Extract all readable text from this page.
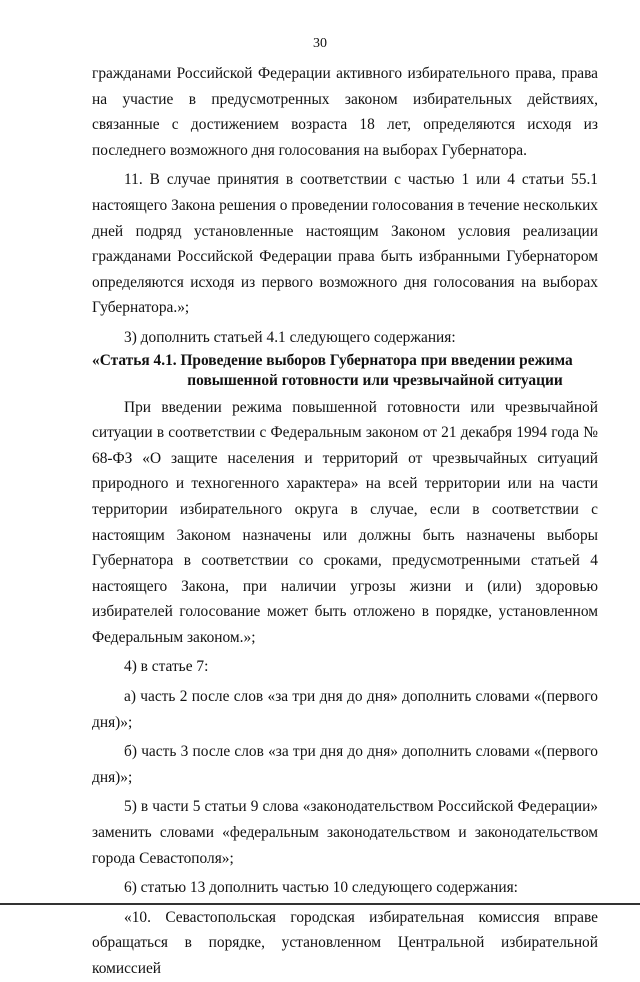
30

гражданами Российской Федерации активного избирательного права, права на участие в предусмотренных законом избирательных действиях, связанные с достижением возраста 18 лет, определяются исходя из последнего возможного дня голосования на выборах Губернатора.

11. В случае принятия в соответствии с частью 1 или 4 статьи 55.1 настоящего Закона решения о проведении голосования в течение нескольких дней подряд установленные настоящим Законом условия реализации гражданами Российской Федерации права быть избранными Губернатором определяются исходя из первого возможного дня голосования на выборах Губернатора.»;

3) дополнить статьей 4.1 следующего содержания:

«Статья 4.1. Проведение выборов Губернатора при введении режима
повышенной готовности или чрезвычайной ситуации

При введении режима повышенной готовности или чрезвычайной ситуации в соответствии с Федеральным законом от 21 декабря 1994 года № 68-ФЗ «О защите населения и территорий от чрезвычайных ситуаций природного и техногенного характера» на всей территории или на части территории избирательного округа в случае, если в соответствии с настоящим Законом назначены или должны быть назначены выборы Губернатора в соответствии со сроками, предусмотренными статьей 4 настоящего Закона, при наличии угрозы жизни и (или) здоровью избирателей голосование может быть отложено в порядке, установленном Федеральным законом.»;

4) в статье 7:

а) часть 2 после слов «за три дня до дня» дополнить словами «(первого дня)»;

б) часть 3 после слов «за три дня до дня» дополнить словами «(первого дня)»;

5) в части 5 статьи 9 слова «законодательством Российской Федерации» заменить словами «федеральным законодательством и законодательством города Севастополя»;

6) статью 13 дополнить частью 10 следующего содержания:

«10. Севастопольская городская избирательная комиссия вправе обращаться в порядке, установленном Центральной избирательной комиссией
